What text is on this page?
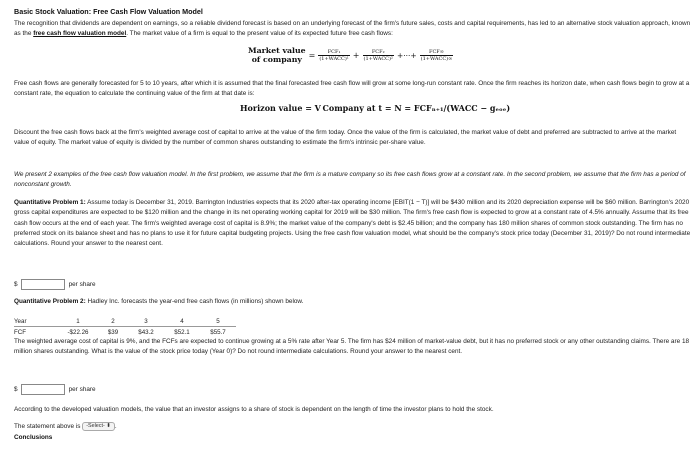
Basic Stock Valuation: Free Cash Flow Valuation Model
The recognition that dividends are dependent on earnings, so a reliable dividend forecast is based on an underlying forecast of the firm's future sales, costs and capital requirements, has led to an alternative stock valuation approach, known as the free cash flow valuation model. The market value of a firm is equal to the present value of its expected future free cash flows:
Market value
of company = $\frac{\text{FCF₁}}{\text{(1+WACC)¹}} + \frac{\text{FCF₂}}{\text{(1+WACC)²}}$ +···+ $\frac{\text{FCF∞}}{\text{(1+WACC)∞}}$
Free cash flows are generally forecasted for 5 to 10 years, after which it is assumed that the final forecasted free cash flow will grow at some long-run constant rate. Once the firm reaches its horizon date, when cash flows begin to grow at a constant rate, the equation to calculate the continuing value of the firm at that date is:
Horizon value = V Company at t = N = FCFₙ₊₁/(WACC − gₑₒₑ)
Discount the free cash flows back at the firm's weighted average cost of capital to arrive at the value of the firm today. Once the value of the firm is calculated, the market value of debt and preferred are subtracted to arrive at the market value of equity. The market value of equity is divided by the number of common shares outstanding to estimate the firm's intrinsic per-share value.
We present 2 examples of the free cash flow valuation model. In the first problem, we assume that the firm is a mature company so its free cash flows grow at a constant rate. In the second problem, we assume that the firm has a period of nonconstant growth.
Quantitative Problem 1: Assume today is December 31, 2019. Barrington Industries expects that its 2020 after-tax operating income [EBIT(1 − T)] will be $430 million and its 2020 depreciation expense will be $60 million. Barrington's 2020 gross capital expenditures are expected to be $120 million and the change in its net operating working capital for 2019 will be $30 million. The firm's free cash flow is expected to grow at a constant rate of 4.5% annually. Assume that its free cash flow occurs at the end of each year. The firm's weighted average cost of capital is 8.9%; the market value of the company's debt is $2.45 billion; and the company has 180 million shares of common stock outstanding. The firm has no preferred stock on its balance sheet and has no plans to use it for future capital budgeting projects. Using the free cash flow valuation model, what should be the company's stock price today (December 31, 2019)? Do not round intermediate calculations. Round your answer to the nearest cent.
$	per share
Quantitative Problem 2: Hadley Inc. forecasts the year-end free cash flows (in millions) shown below.
Year	1	2	3	4	5
FCF	-$22.26	$39	$43.2	$52.1	$55.7
The weighted average cost of capital is 9%, and the FCFs are expected to continue growing at a 5% rate after Year 5. The firm has $24 million of market-value debt, but it has no preferred stock or any other outstanding claims. There are 18 million shares outstanding. What is the value of the stock price today (Year 0)? Do not round intermediate calculations. Round your answer to the nearest cent.
$	per share
According to the developed valuation models, the value that an investor assigns to a share of stock is dependent on the length of time the investor plans to hold the stock.
The statement above is -Select- ⬍ .
Conclusions
